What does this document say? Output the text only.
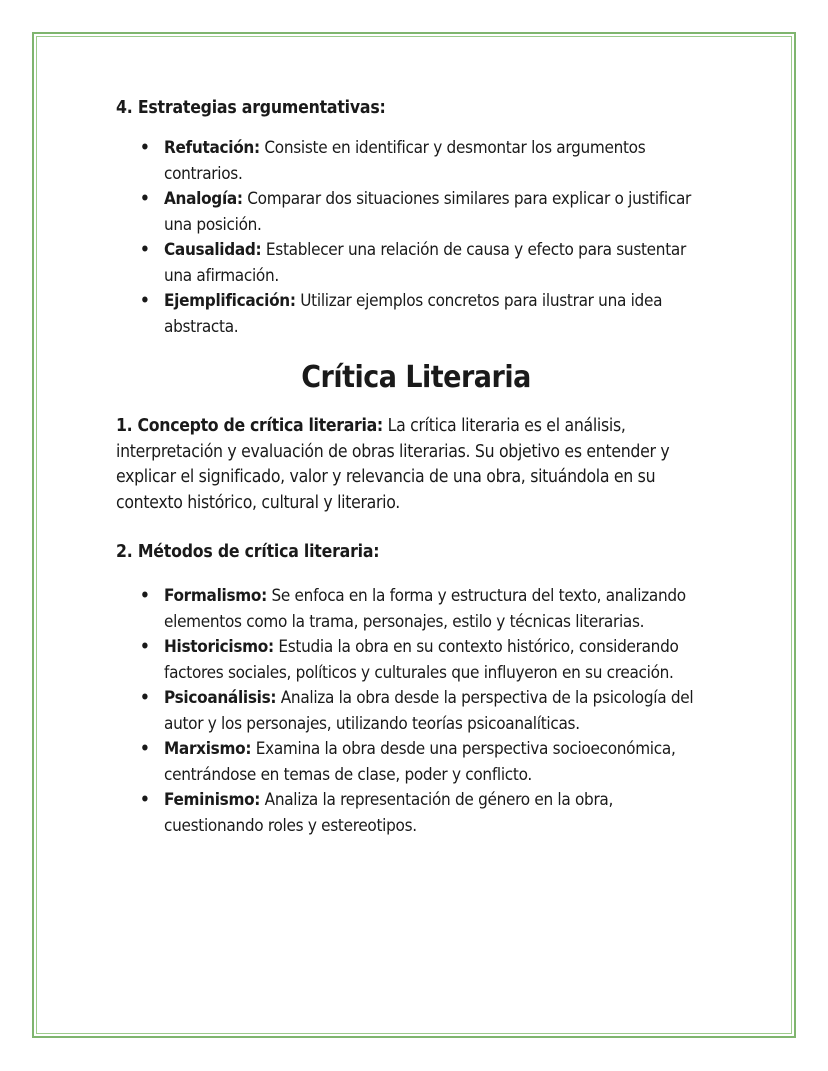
4. Estrategias argumentativas:
• Refutación: Consiste en identificar y desmontar los argumentos contrarios.
• Analogía: Comparar dos situaciones similares para explicar o justificar una posición.
• Causalidad: Establecer una relación de causa y efecto para sustentar una afirmación.
• Ejemplificación: Utilizar ejemplos concretos para ilustrar una idea abstracta.
Crítica Literaria

1. Concepto de crítica literaria: La crítica literaria es el análisis, interpretación y evaluación de obras literarias. Su objetivo es entender y explicar el significado, valor y relevancia de una obra, situándola en su contexto histórico, cultural y literario.

2. Métodos de crítica literaria:
• Formalismo: Se enfoca en la forma y estructura del texto, analizando elementos como la trama, personajes, estilo y técnicas literarias.
• Historicismo: Estudia la obra en su contexto histórico, considerando factores sociales, políticos y culturales que influyeron en su creación.
• Psicoanálisis: Analiza la obra desde la perspectiva de la psicología del autor y los personajes, utilizando teorías psicoanalíticas.
• Marxismo: Examina la obra desde una perspectiva socioeconómica, centrándose en temas de clase, poder y conflicto.
• Feminismo: Analiza la representación de género en la obra, cuestionando roles y estereotipos.
